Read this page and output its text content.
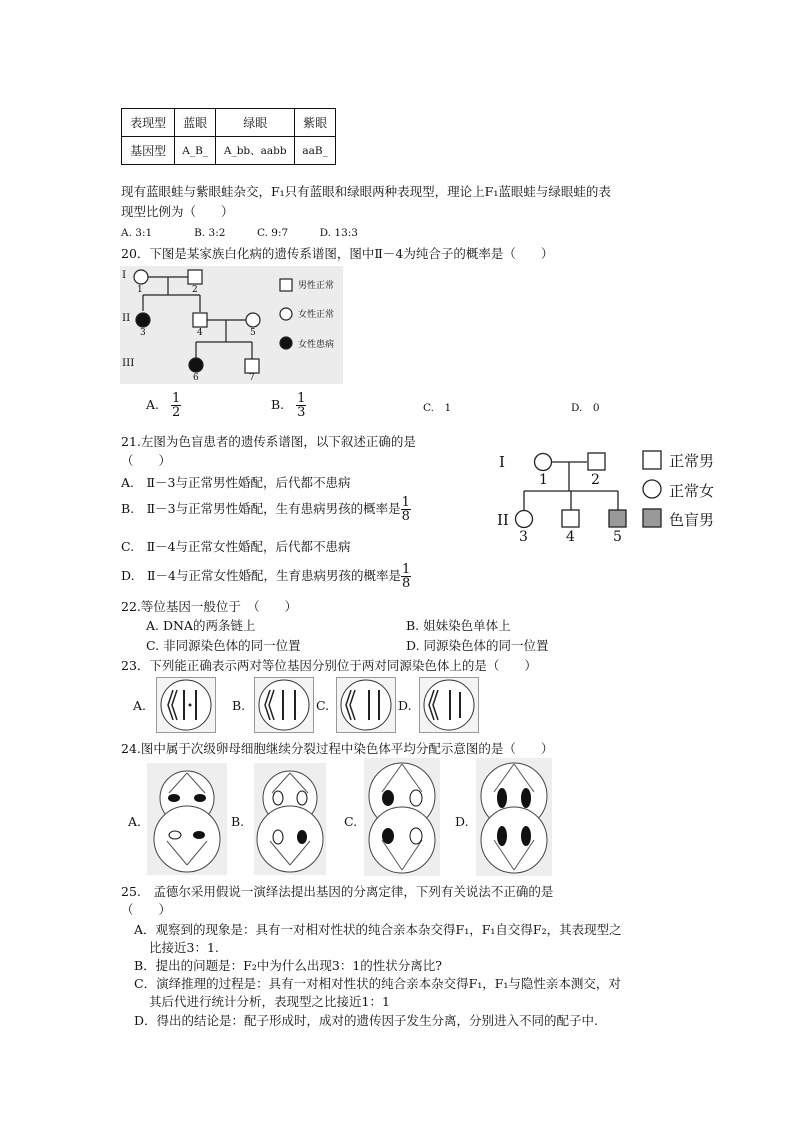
表现型	蓝眼	绿眼	紫眼
基因型	A_B_	A_bb、aabb	aaB_
现有蓝眼蛙与紫眼蛙杂交，F₁只有蓝眼和绿眼两种表现型，理论上F₁蓝眼蛙与绿眼蛙的表
现型比例为（　　）
A. 3:1　　　　B. 3:2　　　C. 9:7　　　D. 13:3
20．下图是某家族白化病的遗传系谱图，图中Ⅱ－4为纯合子的概率是（　　）
I
II
III
1	2
3	4	5
6	7
男性正常
女性正常
女性患病
A. $\frac{1}{2}$	B. $\frac{1}{3}$	C.　1	D.　0
21.左图为色盲患者的遗传系谱图，以下叙述正确的是
（　　）
A.　Ⅱ－3与正常男性婚配，后代都不患病
B.　Ⅱ－3与正常男性婚配，生有患病男孩的概率是 $\frac{1}{8}$
C.　Ⅱ－4与正常女性婚配，后代都不患病
D.　Ⅱ－4与正常女性婚配，生育患病男孩的概率是 $\frac{1}{8}$
I
II
1	2
3	4	5
正常男
正常女
色盲男
22.等位基因一般位于　（　　）
A. DNA的两条链上	B. 姐妹染色单体上
C. 非同源染色体的同一位置	D. 同源染色体的同一位置
23．下列能正确表示两对等位基因分别位于两对同源染色体上的是（　　）
A.	B.	C.	D.
24.图中属于次级卵母细胞继续分裂过程中染色体平均分配示意图的是（　　）
A.	B.	C.	D.
25.　孟德尔采用假说一演绎法提出基因的分离定律，下列有关说法不正确的是
（　　）
A．观察到的现象是：具有一对相对性状的纯合亲本杂交得F₁，F₁自交得F₂，其表现型之
比接近3：1.
B．提出的问题是：F₂中为什么出现3：1的性状分离比?
C．演绎推理的过程是：具有一对相对性状的纯合亲本杂交得F₁，F₁与隐性亲本测交，对
其后代进行统计分析，表现型之比接近1：1
D．得出的结论是：配子形成时，成对的遗传因子发生分离，分别进入不同的配子中.
